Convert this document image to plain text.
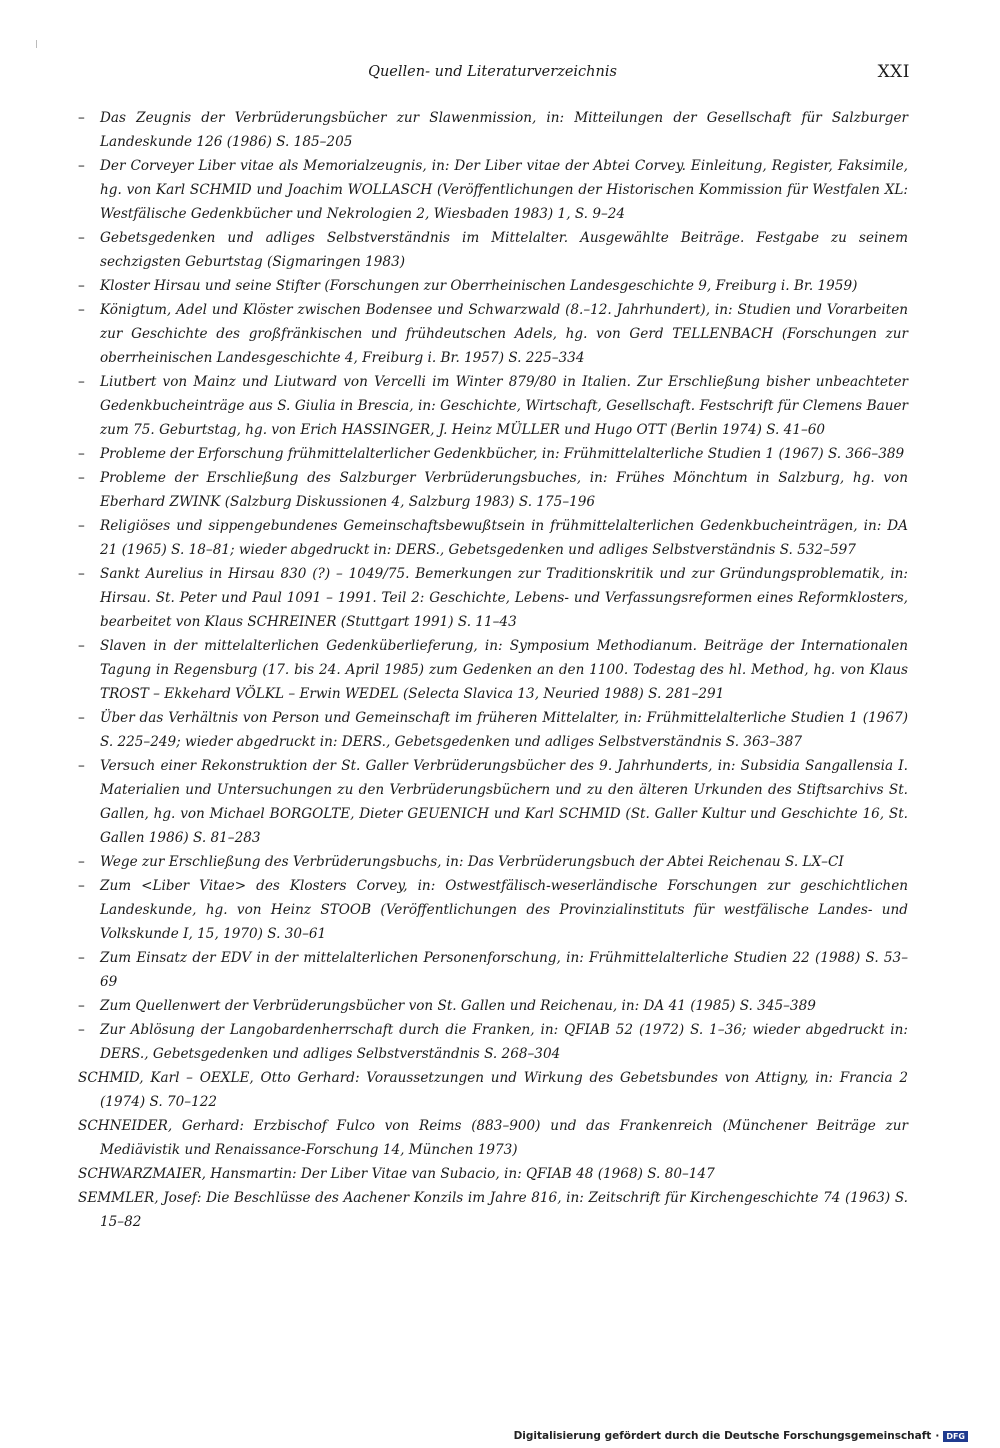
Quellen- und Literaturverzeichnis	XXI

– Das Zeugnis der Verbrüderungsbücher zur Slawenmission, in: Mitteilungen der Gesellschaft für Salzburger Landeskunde 126 (1986) S. 185–205

– Der Corveyer Liber vitae als Memorialzeugnis, in: Der Liber vitae der Abtei Corvey. Einleitung, Register, Faksimile, hg. von Karl SCHMID und Joachim WOLLASCH (Veröffentlichungen der Historischen Kommission für Westfalen XL: Westfälische Gedenkbücher und Nekrologien 2, Wiesbaden 1983) 1, S. 9–24

– Gebetsgedenken und adliges Selbstverständnis im Mittelalter. Ausgewählte Beiträge. Festgabe zu seinem sechzigsten Geburtstag (Sigmaringen 1983)

– Kloster Hirsau und seine Stifter (Forschungen zur Oberrheinischen Landesgeschichte 9, Freiburg i. Br. 1959)

– Königtum, Adel und Klöster zwischen Bodensee und Schwarzwald (8.–12. Jahrhundert), in: Studien und Vorarbeiten zur Geschichte des großfränkischen und frühdeutschen Adels, hg. von Gerd TELLENBACH (Forschungen zur oberrheinischen Landesgeschichte 4, Freiburg i. Br. 1957) S. 225–334

– Liutbert von Mainz und Liutward von Vercelli im Winter 879/80 in Italien. Zur Erschließung bisher unbeachteter Gedenkbucheinträge aus S. Giulia in Brescia, in: Geschichte, Wirtschaft, Gesellschaft. Festschrift für Clemens Bauer zum 75. Geburtstag, hg. von Erich HASSINGER, J. Heinz MÜLLER und Hugo OTT (Berlin 1974) S. 41–60

– Probleme der Erforschung frühmittelalterlicher Gedenkbücher, in: Frühmittelalterliche Studien 1 (1967) S. 366–389

– Probleme der Erschließung des Salzburger Verbrüderungsbuches, in: Frühes Mönchtum in Salzburg, hg. von Eberhard ZWINK (Salzburg Diskussionen 4, Salzburg 1983) S. 175–196

– Religiöses und sippengebundenes Gemeinschaftsbewußtsein in frühmittelalterlichen Gedenkbucheinträgen, in: DA 21 (1965) S. 18–81; wieder abgedruckt in: DERS., Gebetsgedenken und adliges Selbstverständnis S. 532–597

– Sankt Aurelius in Hirsau 830 (?) – 1049/75. Bemerkungen zur Traditionskritik und zur Gründungsproblematik, in: Hirsau. St. Peter und Paul 1091 – 1991. Teil 2: Geschichte, Lebens- und Verfassungsreformen eines Reformklosters, bearbeitet von Klaus SCHREINER (Stuttgart 1991) S. 11–43

– Slaven in der mittelalterlichen Gedenküberlieferung, in: Symposium Methodianum. Beiträge der Internationalen Tagung in Regensburg (17. bis 24. April 1985) zum Gedenken an den 1100. Todestag des hl. Method, hg. von Klaus TROST – Ekkehard VÖLKL – Erwin WEDEL (Selecta Slavica 13, Neuried 1988) S. 281–291

– Über das Verhältnis von Person und Gemeinschaft im früheren Mittelalter, in: Frühmittelalterliche Studien 1 (1967) S. 225–249; wieder abgedruckt in: DERS., Gebetsgedenken und adliges Selbstverständnis S. 363–387

– Versuch einer Rekonstruktion der St. Galler Verbrüderungsbücher des 9. Jahrhunderts, in: Subsidia Sangallensia I. Materialien und Untersuchungen zu den Verbrüderungsbüchern und zu den älteren Urkunden des Stiftsarchivs St. Gallen, hg. von Michael BORGOLTE, Dieter GEUENICH und Karl SCHMID (St. Galler Kultur und Geschichte 16, St. Gallen 1986) S. 81–283

– Wege zur Erschließung des Verbrüderungsbuchs, in: Das Verbrüderungsbuch der Abtei Reichenau S. LX–CI

– Zum <Liber Vitae> des Klosters Corvey, in: Ostwestfälisch-weserländische Forschungen zur geschichtlichen Landeskunde, hg. von Heinz STOOB (Veröffentlichungen des Provinzialinstituts für westfälische Landes- und Volkskunde I, 15, 1970) S. 30–61

– Zum Einsatz der EDV in der mittelalterlichen Personenforschung, in: Frühmittelalterliche Studien 22 (1988) S. 53–69

– Zum Quellenwert der Verbrüderungsbücher von St. Gallen und Reichenau, in: DA 41 (1985) S. 345–389

– Zur Ablösung der Langobardenherrschaft durch die Franken, in: QFIAB 52 (1972) S. 1–36; wieder abgedruckt in: DERS., Gebetsgedenken und adliges Selbstverständnis S. 268–304

SCHMID, Karl – OEXLE, Otto Gerhard: Voraussetzungen und Wirkung des Gebetsbundes von Attigny, in: Francia 2 (1974) S. 70–122

SCHNEIDER, Gerhard: Erzbischof Fulco von Reims (883–900) und das Frankenreich (Münchener Beiträge zur Mediävistik und Renaissance-Forschung 14, München 1973)

SCHWARZMAIER, Hansmartin: Der Liber Vitae van Subacio, in: QFIAB 48 (1968) S. 80–147

SEMMLER, Josef: Die Beschlüsse des Aachener Konzils im Jahre 816, in: Zeitschrift für Kirchengeschichte 74 (1963) S. 15–82

Digitalisierung gefördert durch die Deutsche Forschungsgemeinschaft · DFG
